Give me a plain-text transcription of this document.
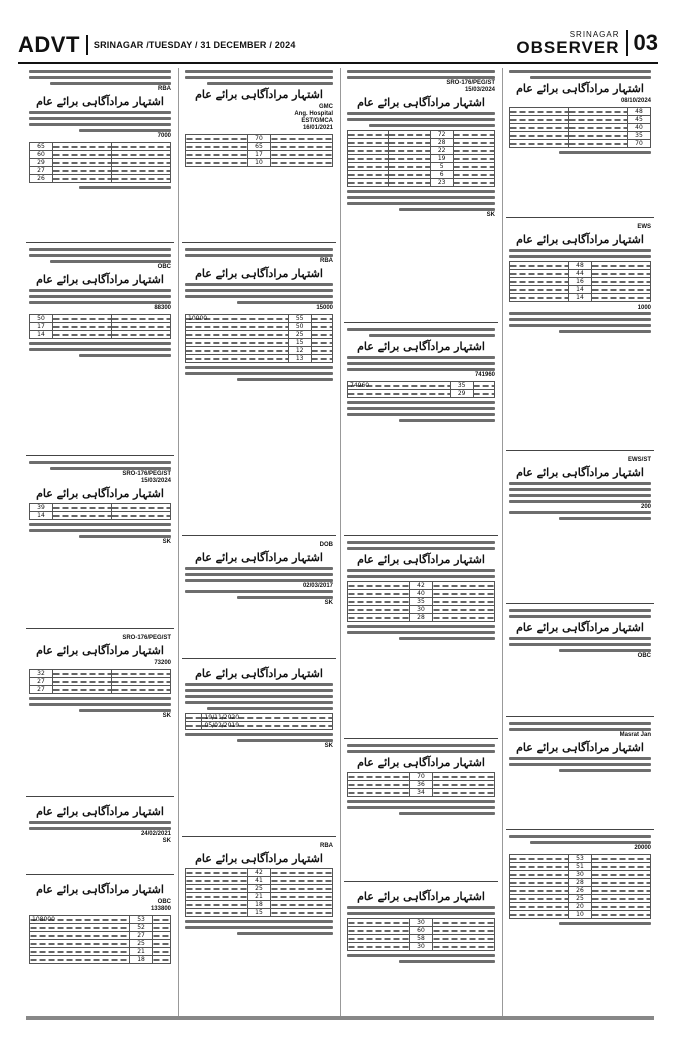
ADVT SRINAGAR /TUESDAY / 31 DECEMBER / 2024
SRINAGAR
OBSERVER 03
RBA
اشتہار مرادآگاہی برائے عام
7000
65		
60		
29		
27		
26		
OBC
اشتہار مرادآگاہی برائے عام
88300
50		
17		
14		
SRO-176/PEG/ST
15/03/2024
اشتہار مرادآگاہی برائے عام
39		
14		
SK
SRO-176/PEG/ST
اشتہار مرادآگاہی برائے عام
73200
32		
27		
27		
SK
اشتہار مرادآگاہی برائے عام
24/02/2021
SK
اشتہار مرادآگاہی برائے عام
OBC
133800
108000	53	
	52	
	27	
	25	
	21	
	18	
اشتہار مرادآگاہی برائے عام
GMC
Ang. Hospital
EST/GMCA
16/01/2021
	70	
	65	
	17	
	10	
RBA
اشتہار مرادآگاہی برائے عام
15000
10000	55	
	50	
	25	
	15	
	12	
	13	
DOB
اشتہار مرادآگاہی برائے عام
02/03/2017
SK
اشتہار مرادآگاہی برائے عام
	19/11/2020
	05/02/2019
SK
RBA
اشتہار مرادآگاہی برائے عام
	42	
	41	
	25	
	21	
	18	
	15	
SRO-176/PEG/ST
15/03/2024
اشتہار مرادآگاہی برائے عام
		72	
		28	
		22	
		19	
		5	
		6	
		23	
SK
اشتہار مرادآگاہی برائے عام
741960
74960	35	
	29	
اشتہار مرادآگاہی برائے عام
	42	
	40	
	35	
	30	
	28	
اشتہار مرادآگاہی برائے عام
	70	
	36	
	34	
اشتہار مرادآگاہی برائے عام
	30	
	60	
	58	
	30	
اشتہار مرادآگاہی برائے عام
08/10/2024
		48
		45
		40
		35
		70
EWS
اشتہار مرادآگاہی برائے عام
	48	
	44	
	16	
	14	
	14	
1000
EWS/ST
اشتہار مرادآگاہی برائے عام
200
اشتہار مرادآگاہی برائے عام
OBC
Masrat Jan
اشتہار مرادآگاہی برائے عام
20000
	53	
	51	
	30	
	28	
	26	
	25	
	20	
	10	
